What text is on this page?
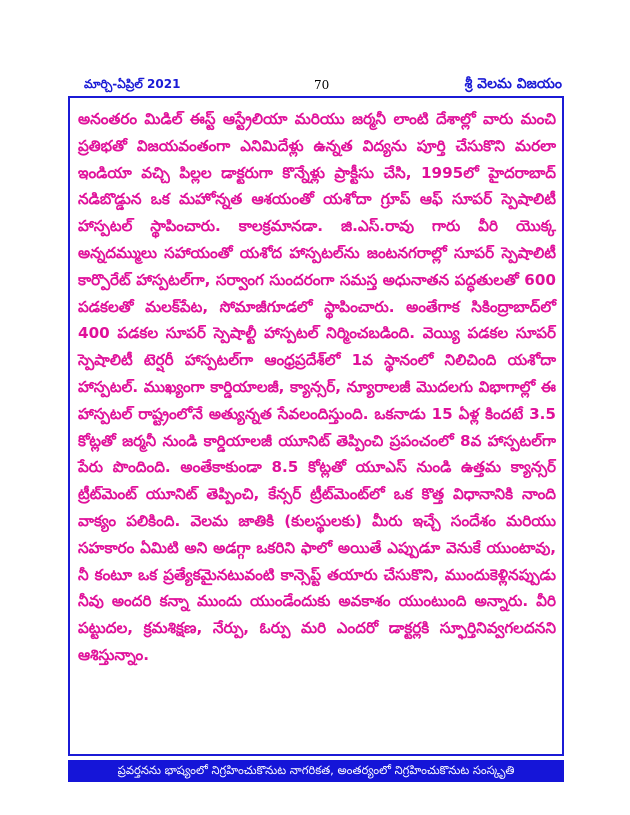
మార్చి-ఏప్రిల్ 2021	70	శ్రీ వెలమ విజయం

అనంతరం మిడిల్ ఈస్ట్ ఆస్ట్రేలియా మరియు జర్మనీ లాంటి దేశాల్లో వారు మంచి ప్రతిభతో విజయవంతంగా ఎనిమిదేళ్లు ఉన్నత విద్యను పూర్తి చేసుకొని మరలా ఇండియా వచ్చి పిల్లల డాక్టరుగా కొన్నేళ్లు ప్రాక్టీసు చేసి, 1995లో హైదరాబాద్ నడిబొడ్డున ఒక మహోన్నత ఆశయంతో యశోదా గ్రూప్ ఆఫ్ సూపర్ స్పెషాలిటీ హాస్పటల్ స్థాపించారు. కాలక్రమానడా. జి.ఎస్.రావు గారు వీరి యొక్క అన్నదమ్ములు సహాయంతో యశోద హాస్పటల్‌ను జంటనగరాల్లో సూపర్ స్పెషాలిటీ కార్పొరేట్ హాస్పటల్‌గా, సర్వాంగ సుందరంగా సమస్త అధునాతన పద్ధతులతో 600 పడకలతో మలక్‌పేట, సోమాజీగూడలో స్థాపించారు. అంతేగాక సికింద్రాబాద్‌లో 400 పడకల సూపర్ స్పెషాల్టీ హాస్పటల్ నిర్మించబడింది. వెయ్యి పడకల సూపర్ స్పెషాలిటీ టెర్షరీ హాస్పటల్‌గా ఆంధ్రప్రదేశ్‌లో 1వ స్థానంలో నిలిచింది యశోదా హాస్పటల్. ముఖ్యంగా కార్డియాలజీ, క్యాన్సర్, న్యూరాలజీ మొదలగు విభాగాల్లో ఈ హాస్పటల్ రాష్ట్రంలోనే అత్యున్నత సేవలందిస్తుంది. ఒకనాడు 15 ఏళ్ల కిందటే 3.5 కోట్లతో జర్మనీ నుండి కార్డియాలజీ యూనిట్ తెప్పించి ప్రపంచంలో 8వ హాస్పటల్‌గా పేరు పొందింది. అంతేకాకుండా 8.5 కోట్లతో యూఎస్ నుండి ఉత్తమ క్యాన్సర్ ట్రీట్‌మెంట్ యూనిట్ తెప్పించి, కేన్సర్ ట్రీట్‌మెంట్‌లో ఒక కొత్త విధానానికి నాంది వాక్యం పలికింది. వెలమ జాతికి (కులస్థులకు) మీరు ఇచ్చే సందేశం మరియు సహకారం ఏమిటి అని అడగ్గా ఒకరిని ఫాలో అయితే ఎప్పుడూ వెనుకే యుంటావు, నీ కంటూ ఒక ప్రత్యేకమైనటువంటి కాన్సెప్ట్ తయారు చేసుకొని, ముందుకెళ్లినప్పుడు నీవు అందరి కన్నా ముందు యుండేందుకు అవకాశం యుంటుంది అన్నారు. వీరి పట్టుదల, క్రమశిక్షణ, నేర్పు, ఓర్పు మరి ఎందరో డాక్టర్లకి స్ఫూర్తినివ్వగలదనని ఆశిస్తున్నాం.

ప్రవర్తనను భాష్యంలో నిగ్రహించుకొనుట నాగరికత, అంతర్యంలో నిగ్రహించుకొనుట సంస్కృతి
